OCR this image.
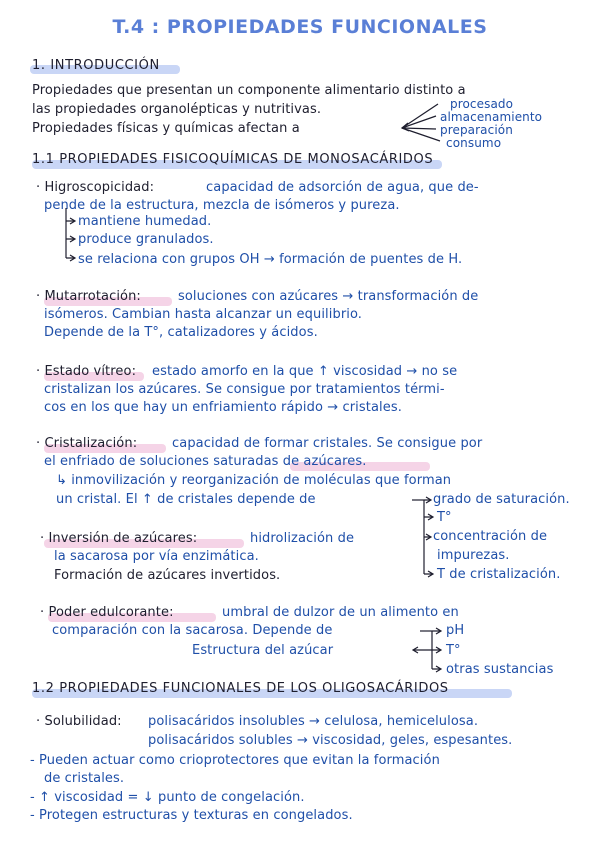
T.4 : PROPIEDADES FUNCIONALES
1. INTRODUCCIÓN
Propiedades que presentan un componente alimentario distinto a
las propiedades organolépticas y nutritivas.
Propiedades físicas y químicas afectan a
procesado
almacenamiento
preparación
consumo
1.1 PROPIEDADES FISICOQUÍMICAS DE MONOSACÁRIDOS
· Higroscopicidad:	capacidad de adsorción de agua, que de-
pende de la estructura, mezcla de isómeros y pureza.
mantiene humedad.
produce granulados.
se relaciona con grupos OH → formación de puentes de H.
· Mutarrotación:	soluciones con azúcares → transformación de
isómeros. Cambian hasta alcanzar un equilibrio.
Depende de la T°, catalizadores y ácidos.
· Estado vítreo: estado amorfo en la que ↑ viscosidad → no se
cristalizan los azúcares. Se consigue por tratamientos térmi-
cos en los que hay un enfriamiento rápido → cristales.
· Cristalización:	capacidad de formar cristales. Se consigue por
el enfriado de soluciones saturadas de azúcares.
↳ inmovilización y reorganización de moléculas que forman
un cristal. El ↑ de cristales depende de	grado de saturación.
T°
concentración de
impurezas.
T de cristalización.
· Inversión de azúcares:	hidrolización de
la sacarosa por vía enzimática.
Formación de azúcares invertidos.
· Poder edulcorante:	umbral de dulzor de un alimento en
comparación con la sacarosa. Depende de
Estructura del azúcar
pH
T°
otras sustancias
1.2 PROPIEDADES FUNCIONALES DE LOS OLIGOSACÁRIDOS
· Solubilidad: polisacáridos insolubles → celulosa, hemicelulosa.
polisacáridos solubles → viscosidad, geles, espesantes.
- Pueden actuar como crioprotectores que evitan la formación
de cristales.
- ↑ viscosidad = ↓ punto de congelación.
- Protegen estructuras y texturas en congelados.
